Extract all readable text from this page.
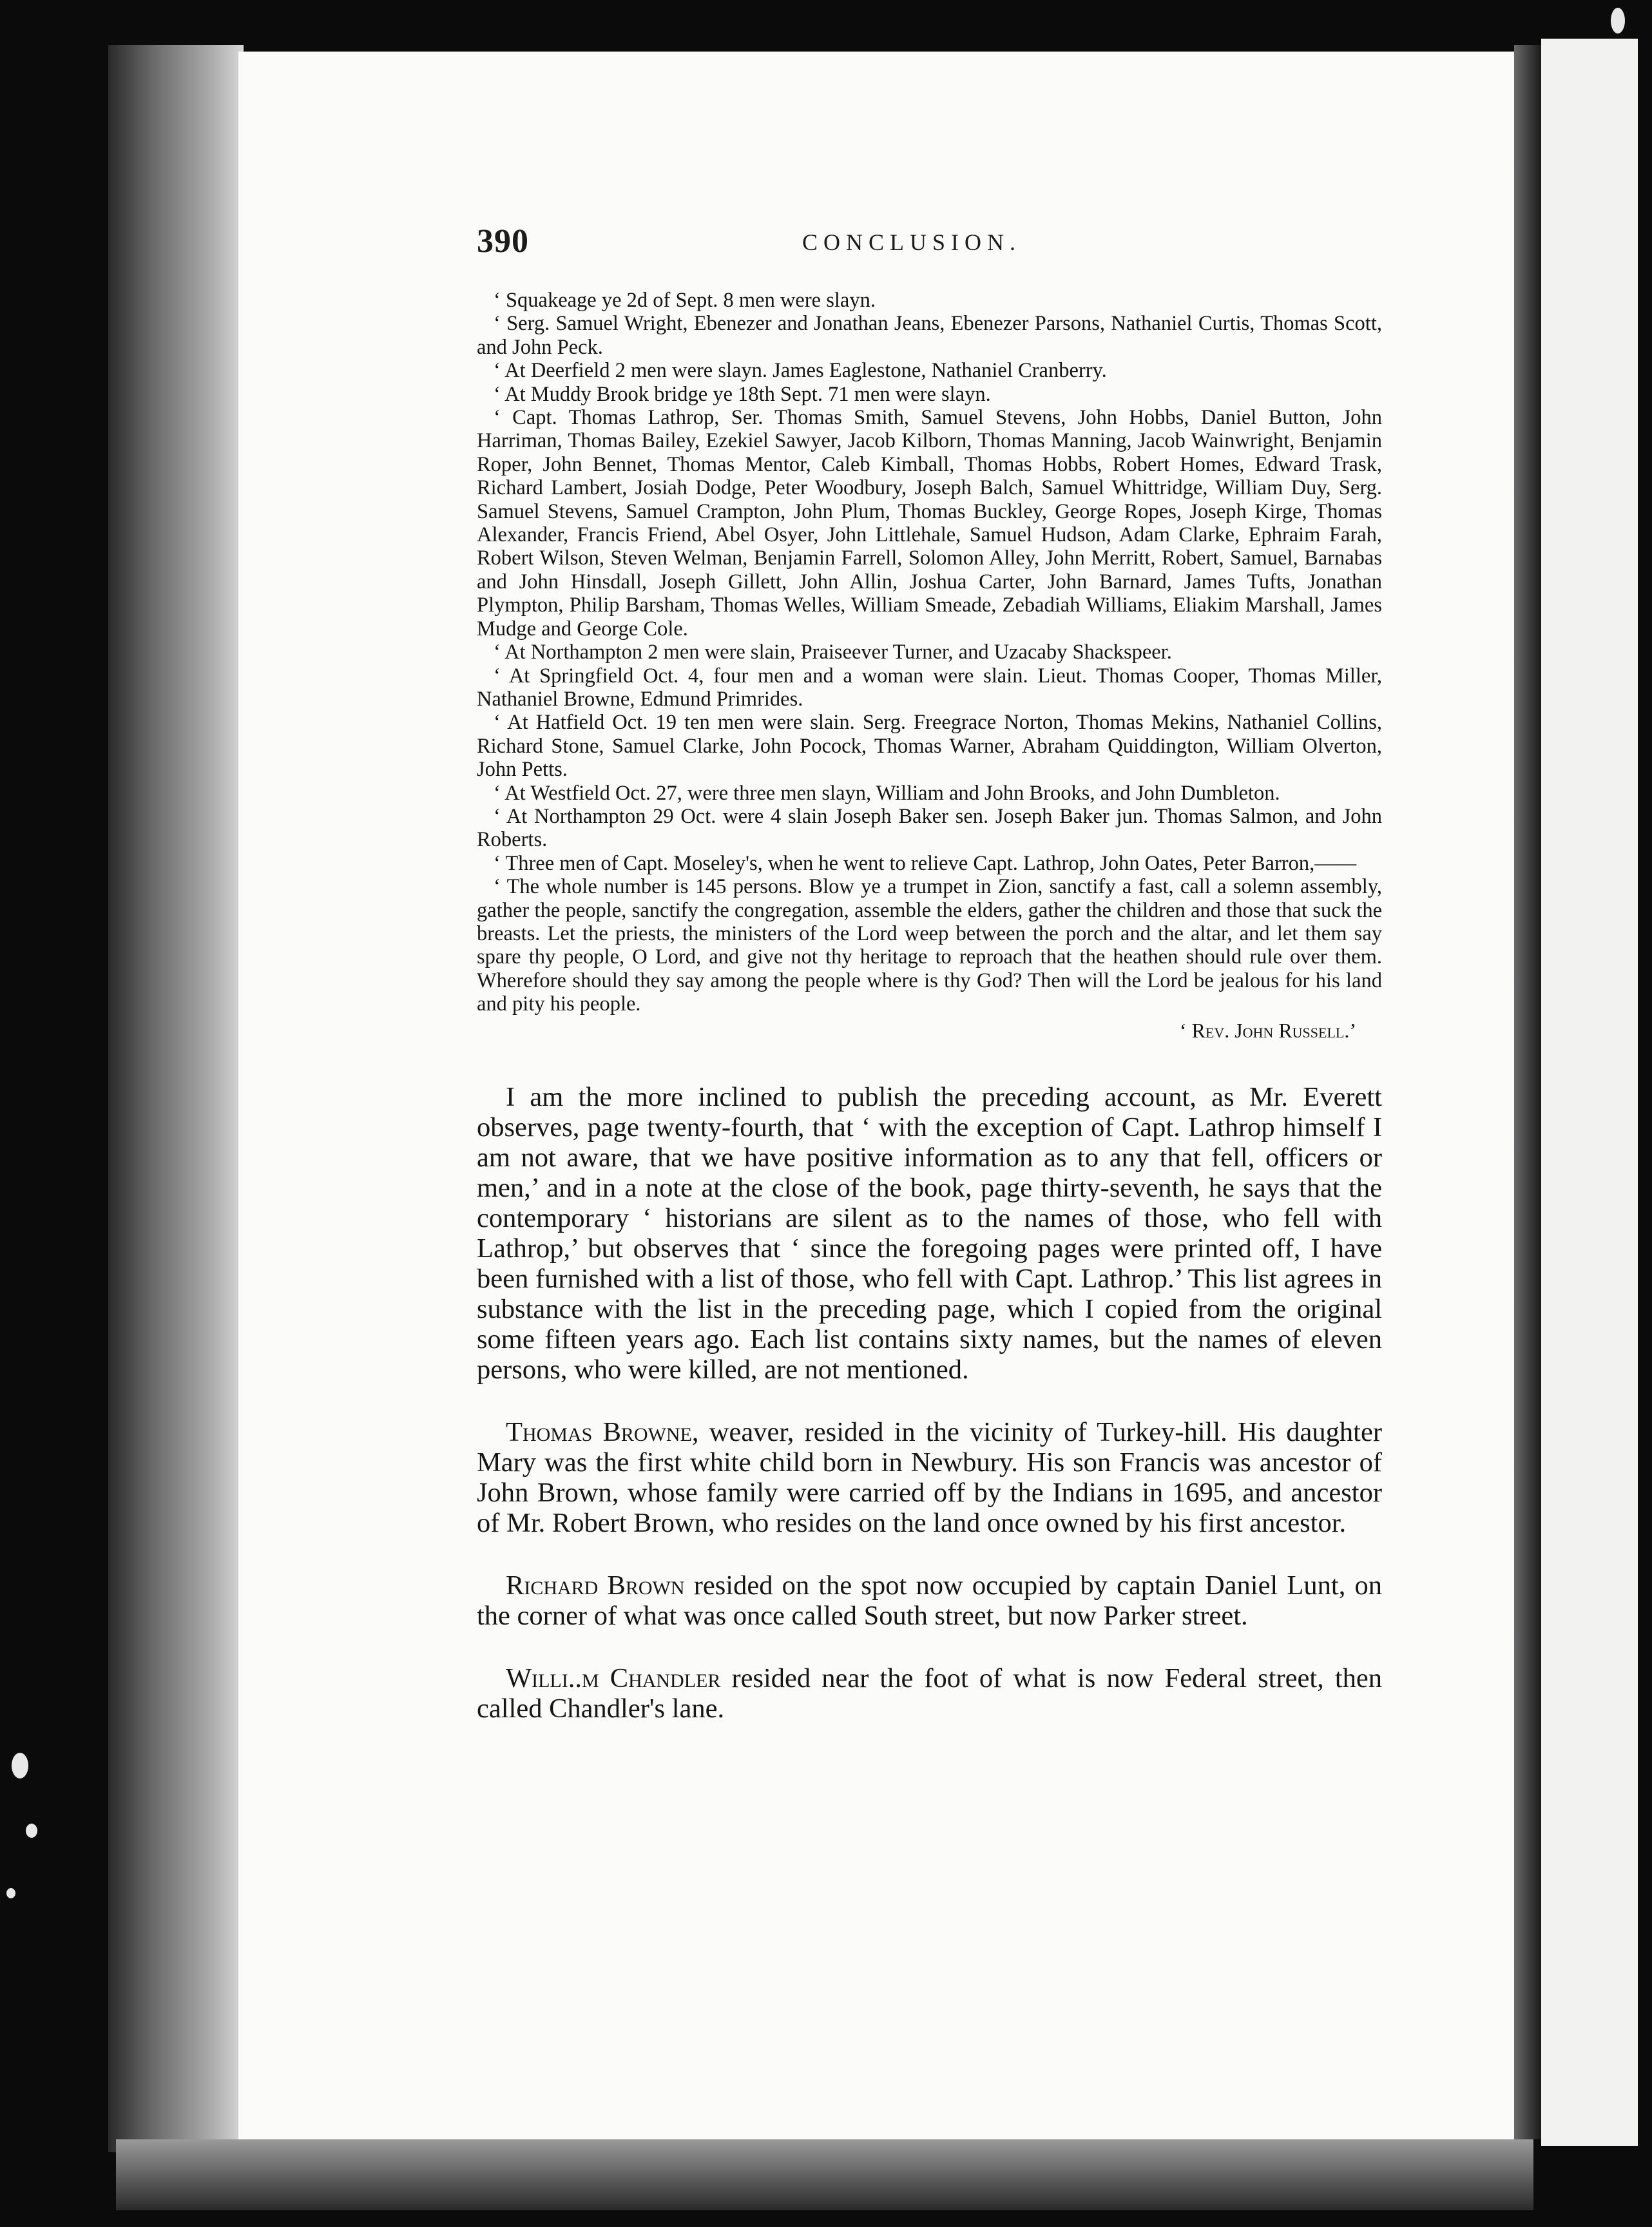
390	CONCLUSION.

‘ Squakeage ye 2d of Sept. 8 men were slayn.

‘ Serg. Samuel Wright, Ebenezer and Jonathan Jeans, Ebenezer Parsons, Nathaniel Curtis, Thomas Scott, and John Peck.

‘ At Deerfield 2 men were slayn. James Eaglestone, Nathaniel Cranberry.

‘ At Muddy Brook bridge ye 18th Sept. 71 men were slayn.

‘ Capt. Thomas Lathrop, Ser. Thomas Smith, Samuel Stevens, John Hobbs, Daniel Button, John Harriman, Thomas Bailey, Ezekiel Sawyer, Jacob Kilborn, Thomas Manning, Jacob Wainwright, Benjamin Roper, John Bennet, Thomas Mentor, Caleb Kimball, Thomas Hobbs, Robert Homes, Edward Trask, Richard Lambert, Josiah Dodge, Peter Woodbury, Joseph Balch, Samuel Whittridge, William Duy, Serg. Samuel Stevens, Samuel Crampton, John Plum, Thomas Buckley, George Ropes, Joseph Kirge, Thomas Alexander, Francis Friend, Abel Osyer, John Littlehale, Samuel Hudson, Adam Clarke, Ephraim Farah, Robert Wilson, Steven Welman, Benjamin Farrell, Solomon Alley, John Merritt, Robert, Samuel, Barnabas and John Hinsdall, Joseph Gillett, John Allin, Joshua Carter, John Barnard, James Tufts, Jonathan Plympton, Philip Barsham, Thomas Welles, William Smeade, Zebadiah Williams, Eliakim Marshall, James Mudge and George Cole.

‘ At Northampton 2 men were slain, Praiseever Turner, and Uzacaby Shackspeer.

‘ At Springfield Oct. 4, four men and a woman were slain. Lieut. Thomas Cooper, Thomas Miller, Nathaniel Browne, Edmund Primrides.

‘ At Hatfield Oct. 19 ten men were slain. Serg. Freegrace Norton, Thomas Mekins, Nathaniel Collins, Richard Stone, Samuel Clarke, John Pocock, Thomas Warner, Abraham Quiddington, William Olverton, John Petts.

‘ At Westfield Oct. 27, were three men slayn, William and John Brooks, and John Dumbleton.

‘ At Northampton 29 Oct. were 4 slain Joseph Baker sen. Joseph Baker jun. Thomas Salmon, and John Roberts.

‘ Three men of Capt. Moseley's, when he went to relieve Capt. Lathrop, John Oates, Peter Barron,——

‘ The whole number is 145 persons. Blow ye a trumpet in Zion, sanctify a fast, call a solemn assembly, gather the people, sanctify the congregation, assemble the elders, gather the children and those that suck the breasts. Let the priests, the ministers of the Lord weep between the porch and the altar, and let them say spare thy people, O Lord, and give not thy heritage to reproach that the heathen should rule over them. Wherefore should they say among the people where is thy God? Then will the Lord be jealous for his land and pity his people.

‘ Rev. John Russell.’

I am the more inclined to publish the preceding account, as Mr. Everett observes, page twenty-fourth, that ‘ with the exception of Capt. Lathrop himself I am not aware, that we have positive information as to any that fell, officers or men,’ and in a note at the close of the book, page thirty-seventh, he says that the contemporary ‘ historians are silent as to the names of those, who fell with Lathrop,’ but observes that ‘ since the foregoing pages were printed off, I have been furnished with a list of those, who fell with Capt. Lathrop.’ This list agrees in substance with the list in the preceding page, which I copied from the original some fifteen years ago. Each list contains sixty names, but the names of eleven persons, who were killed, are not mentioned.

Thomas Browne, weaver, resided in the vicinity of Turkey-hill. His daughter Mary was the first white child born in Newbury. His son Francis was ancestor of John Brown, whose family were carried off by the Indians in 1695, and ancestor of Mr. Robert Brown, who resides on the land once owned by his first ancestor.

Richard Brown resided on the spot now occupied by captain Daniel Lunt, on the corner of what was once called South street, but now Parker street.

Willi..m Chandler resided near the foot of what is now Federal street, then called Chandler's lane.
